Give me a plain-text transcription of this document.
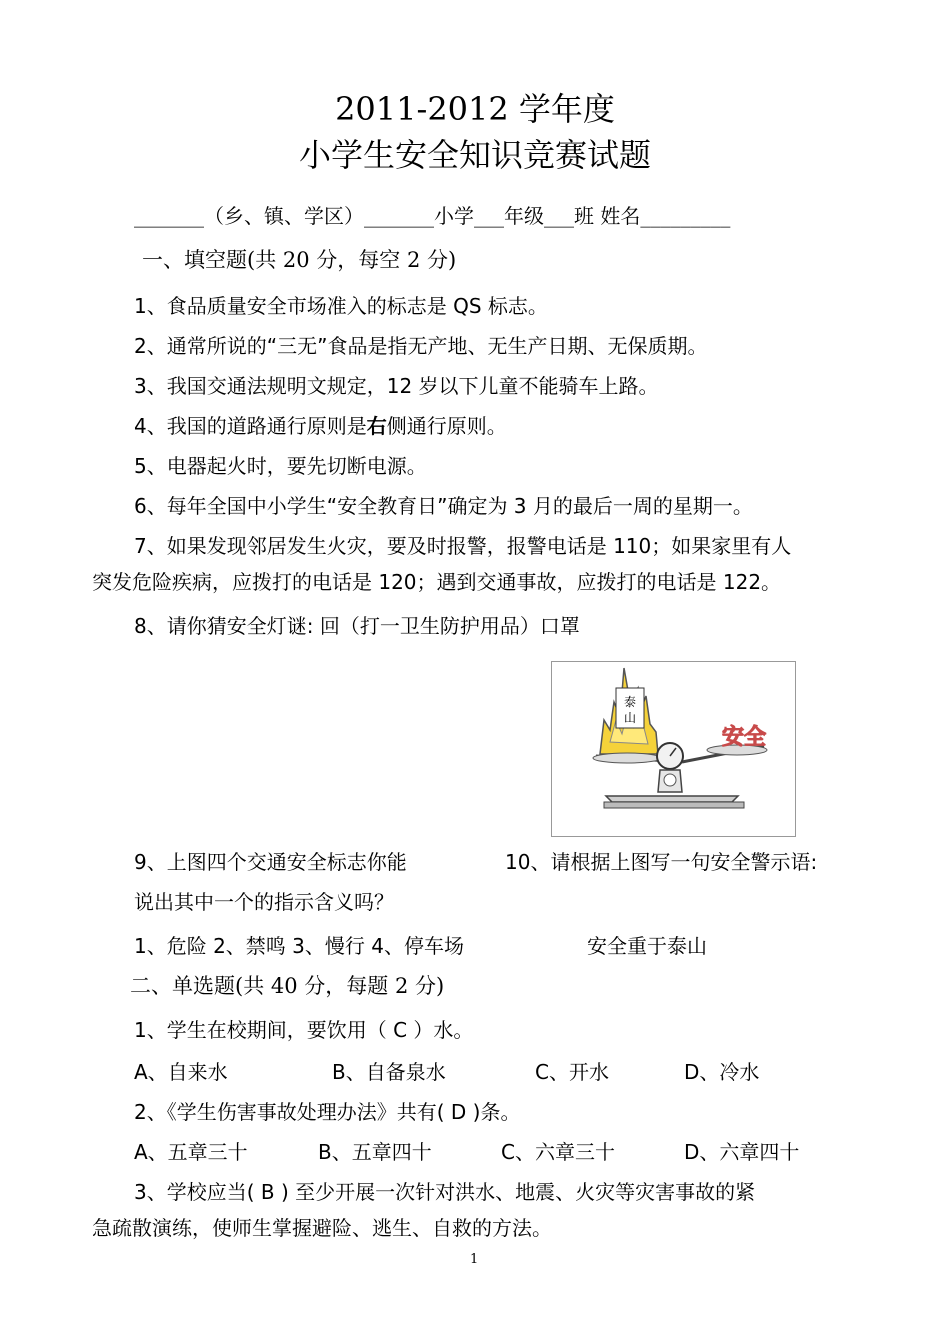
2011-2012 学年度
小学生安全知识竞赛试题
_______（乡、镇、学区）_______小学___年级___班 姓名_________
一、填空题(共 20 分，每空 2 分)
1、食品质量安全市场准入的标志是 QS 标志。
2、通常所说的“三无”食品是指无产地、无生产日期、无保质期。
3、我国交通法规明文规定，12 岁以下儿童不能骑车上路。
4、我国的道路通行原则是右侧通行原则。
5、电器起火时，要先切断电源。
6、每年全国中小学生“安全教育日”确定为 3 月的最后一周的星期一。
7、如果发现邻居发生火灾，要及时报警，报警电话是 110；如果家里有人
突发危险疾病，应拨打的电话是 120；遇到交通事故，应拨打的电话是 122。
8、请你猜安全灯谜: 回（打一卫生防护用品）口罩
泰
山
安全
9、上图四个交通安全标志你能	10、请根据上图写一句安全警示语:
说出其中一个的指示含义吗？
1、危险 2、禁鸣 3、慢行 4、停车场	安全重于泰山
二、单选题(共 40 分，每题 2 分)
1、学生在校期间，要饮用（ C ）水。
A、自来水	B、自备泉水	C、开水	D、冷水
2、《学生伤害事故处理办法》共有( D )条。
A、五章三十	B、五章四十	C、六章三十	D、六章四十
3、学校应当( B ) 至少开展一次针对洪水、地震、火灾等灾害事故的紧
急疏散演练，使师生掌握避险、逃生、自救的方法。
1
